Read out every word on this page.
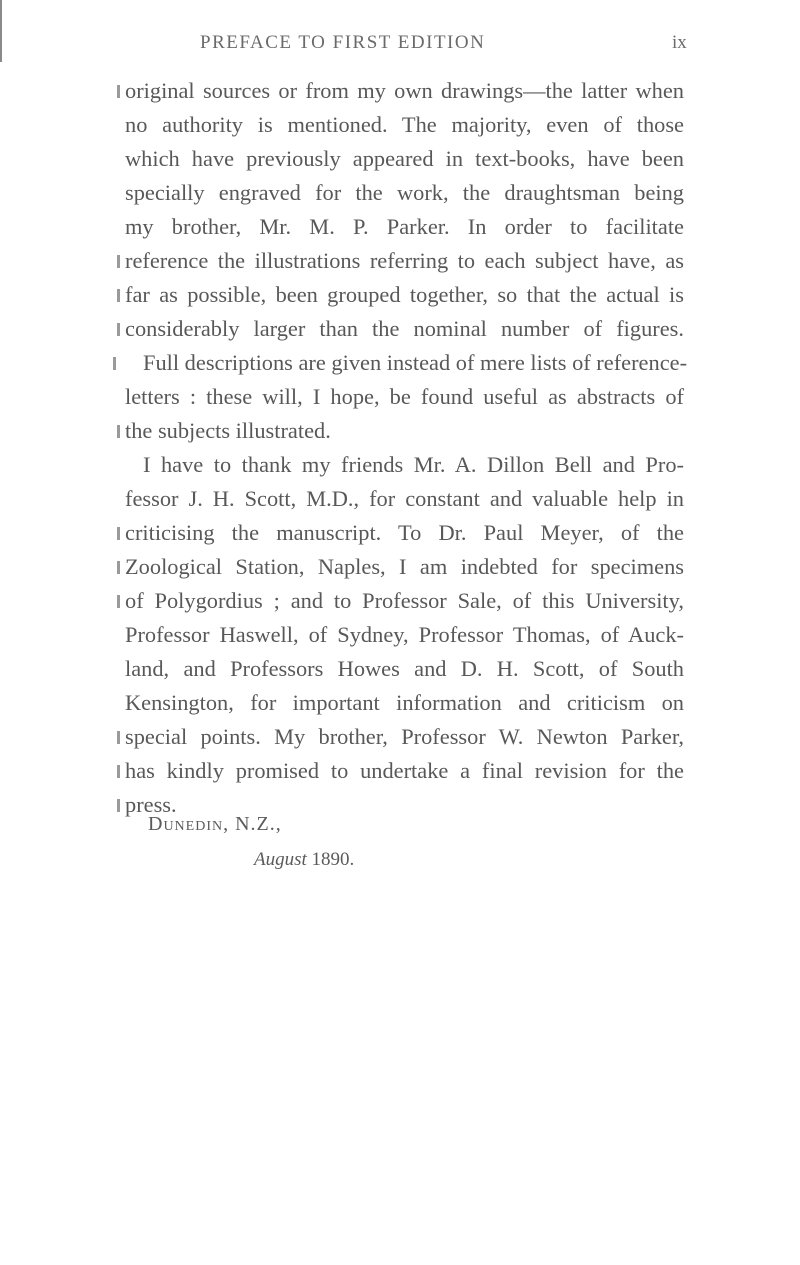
PREFACE TO FIRST EDITION	ix
original sources or from my own drawings—the latter when
no authority is mentioned. The majority, even of those
which have previously appeared in text-books, have been
specially engraved for the work, the draughtsman being
my brother, Mr. M. P. Parker. In order to facilitate
reference the illustrations referring to each subject have, as
far as possible, been grouped together, so that the actual is
considerably larger than the nominal number of figures.
Full descriptions are given instead of mere lists of reference-
letters : these will, I hope, be found useful as abstracts of
the subjects illustrated.
I have to thank my friends Mr. A. Dillon Bell and Pro-
fessor J. H. Scott, M.D., for constant and valuable help in
criticising the manuscript. To Dr. Paul Meyer, of the
Zoological Station, Naples, I am indebted for specimens
of Polygordius ; and to Professor Sale, of this University,
Professor Haswell, of Sydney, Professor Thomas, of Auck-
land, and Professors Howes and D. H. Scott, of South
Kensington, for important information and criticism on
special points. My brother, Professor W. Newton Parker,
has kindly promised to undertake a final revision for the
press.
Dunedin, N.Z.,
August 1890.
